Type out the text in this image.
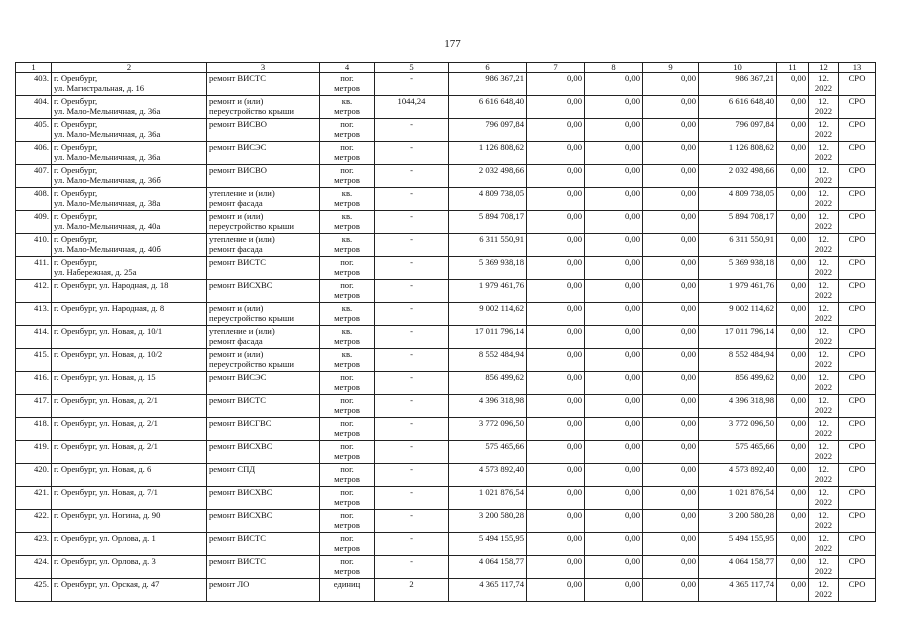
177
1	2	3	4	5	6	7	8	9	10	11	12	13
403.	г. Оренбург,
ул. Магистральная, д. 16	ремонт ВИСТС	пог.
метров	-	986 367,21	0,00	0,00	0,00	986 367,21	0,00	12.
2022	СРО
404.	г. Оренбург,
ул. Мало-Мельничная, д. 36а	ремонт и (или)
переустройство крыши	кв.
метров	1044,24	6 616 648,40	0,00	0,00	0,00	6 616 648,40	0,00	12.
2022	СРО
405.	г. Оренбург,
ул. Мало-Мельничная, д. 36а	ремонт ВИСВО	пог.
метров	-	796 097,84	0,00	0,00	0,00	796 097,84	0,00	12.
2022	СРО
406.	г. Оренбург,
ул. Мало-Мельничная, д. 36а	ремонт ВИСЭС	пог.
метров	-	1 126 808,62	0,00	0,00	0,00	1 126 808,62	0,00	12.
2022	СРО
407.	г. Оренбург,
ул. Мало-Мельничная, д. 36б	ремонт ВИСВО	пог.
метров	-	2 032 498,66	0,00	0,00	0,00	2 032 498,66	0,00	12.
2022	СРО
408.	г. Оренбург,
ул. Мало-Мельничная, д. 38а	утепление и (или)
ремонт фасада	кв.
метров	-	4 809 738,05	0,00	0,00	0,00	4 809 738,05	0,00	12.
2022	СРО
409.	г. Оренбург,
ул. Мало-Мельничная, д. 40а	ремонт и (или)
переустройство крыши	кв.
метров	-	5 894 708,17	0,00	0,00	0,00	5 894 708,17	0,00	12.
2022	СРО
410.	г. Оренбург,
ул. Мало-Мельничная, д. 40б	утепление и (или)
ремонт фасада	кв.
метров	-	6 311 550,91	0,00	0,00	0,00	6 311 550,91	0,00	12.
2022	СРО
411.	г. Оренбург,
ул. Набережная, д. 25а	ремонт ВИСТС	пог.
метров	-	5 369 938,18	0,00	0,00	0,00	5 369 938,18	0,00	12.
2022	СРО
412.	г. Оренбург, ул. Народная, д. 18	ремонт ВИСХВС	пог.
метров	-	1 979 461,76	0,00	0,00	0,00	1 979 461,76	0,00	12.
2022	СРО
413.	г. Оренбург, ул. Народная, д. 8	ремонт и (или)
переустройство крыши	кв.
метров	-	9 002 114,62	0,00	0,00	0,00	9 002 114,62	0,00	12.
2022	СРО
414.	г. Оренбург, ул. Новая, д. 10/1	утепление и (или)
ремонт фасада	кв.
метров	-	17 011 796,14	0,00	0,00	0,00	17 011 796,14	0,00	12.
2022	СРО
415.	г. Оренбург, ул. Новая, д. 10/2	ремонт и (или)
переустройство крыши	кв.
метров	-	8 552 484,94	0,00	0,00	0,00	8 552 484,94	0,00	12.
2022	СРО
416.	г. Оренбург, ул. Новая, д. 15	ремонт ВИСЭС	пог.
метров	-	856 499,62	0,00	0,00	0,00	856 499,62	0,00	12.
2022	СРО
417.	г. Оренбург, ул. Новая, д. 2/1	ремонт ВИСТС	пог.
метров	-	4 396 318,98	0,00	0,00	0,00	4 396 318,98	0,00	12.
2022	СРО
418.	г. Оренбург, ул. Новая, д. 2/1	ремонт ВИСГВС	пог.
метров	-	3 772 096,50	0,00	0,00	0,00	3 772 096,50	0,00	12.
2022	СРО
419.	г. Оренбург, ул. Новая, д. 2/1	ремонт ВИСХВС	пог.
метров	-	575 465,66	0,00	0,00	0,00	575 465,66	0,00	12.
2022	СРО
420.	г. Оренбург, ул. Новая, д. 6	ремонт СПД	пог.
метров	-	4 573 892,40	0,00	0,00	0,00	4 573 892,40	0,00	12.
2022	СРО
421.	г. Оренбург, ул. Новая, д. 7/1	ремонт ВИСХВС	пог.
метров	-	1 021 876,54	0,00	0,00	0,00	1 021 876,54	0,00	12.
2022	СРО
422.	г. Оренбург, ул. Ногина, д. 90	ремонт ВИСХВС	пог.
метров	-	3 200 580,28	0,00	0,00	0,00	3 200 580,28	0,00	12.
2022	СРО
423.	г. Оренбург, ул. Орлова, д. 1	ремонт ВИСТС	пог.
метров	-	5 494 155,95	0,00	0,00	0,00	5 494 155,95	0,00	12.
2022	СРО
424.	г. Оренбург, ул. Орлова, д. 3	ремонт ВИСТС	пог.
метров	-	4 064 158,77	0,00	0,00	0,00	4 064 158,77	0,00	12.
2022	СРО
425.	г. Оренбург, ул. Орская, д. 47	ремонт ЛО	единиц	2	4 365 117,74	0,00	0,00	0,00	4 365 117,74	0,00	12.
2022	СРО
